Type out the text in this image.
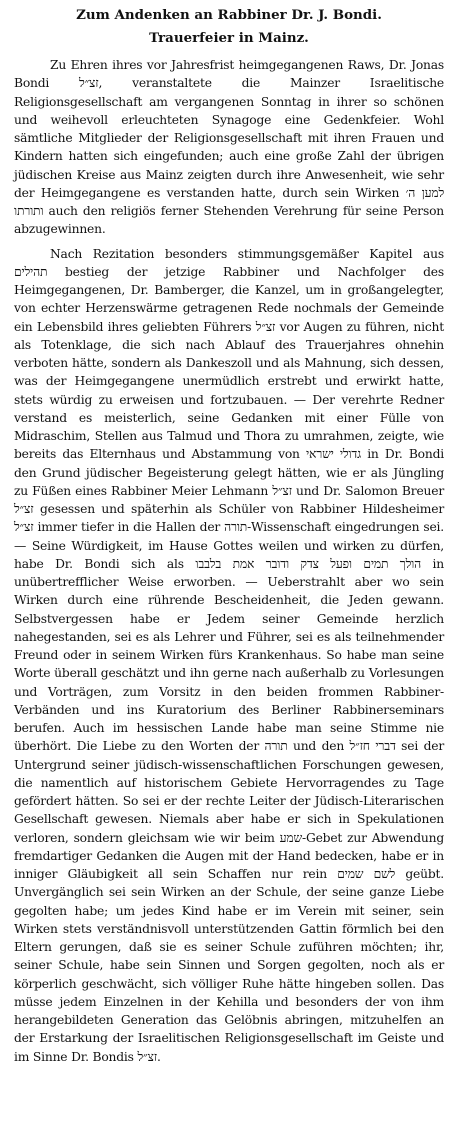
Zum Andenken an Rabbiner Dr. J. Bondi.
Trauerfeier in Mainz.

Zu Ehren ihres vor Jahresfrist heimgegangenen Raws, Dr. Jonas Bondi זצ״ל, veranstaltete die Mainzer Israelitische Religionsgesellschaft am vergangenen Sonntag in ihrer so schönen und weihevoll erleuchteten Synagoge eine Gedenkfeier. Wohl sämtliche Mitglieder der Religionsgesellschaft mit ihren Frauen und Kindern hatten sich eingefunden; auch eine große Zahl der übrigen jüdischen Kreise aus Mainz zeigten durch ihre Anwesenheit, wie sehr der Heimgegangene es verstanden hatte, durch sein Wirken למען ה׳ ותורתו auch den religiös ferner Stehenden Verehrung für seine Person abzugewinnen.

Nach Rezitation besonders stimmungsgemäßer Kapitel aus תהילים bestieg der jetzige Rabbiner und Nachfolger des Heimgegangenen, Dr. Bamberger, die Kanzel, um in großangelegter, von echter Herzenswärme getragenen Rede nochmals der Gemeinde ein Lebensbild ihres geliebten Führers זצ״ל vor Augen zu führen, nicht als Totenklage, die sich nach Ablauf des Trauerjahres ohnehin verboten hätte, sondern als Dankeszoll und als Mahnung, sich dessen, was der Heimgegangene unermüdlich erstrebt und erwirkt hatte, stets würdig zu erweisen und fortzubauen. — Der verehrte Redner verstand es meisterlich, seine Gedanken mit einer Fülle von Midraschim, Stellen aus Talmud und Thora zu umrahmen, zeigte, wie bereits das Elternhaus und Abstammung von גדולי ישראי in Dr. Bondi den Grund jüdischer Begeisterung gelegt hätten, wie er als Jüngling zu Füßen eines Rabbiner Meier Lehmann זצ״ל und Dr. Salomon Breuer זצ״ל gesessen und späterhin als Schüler von Rabbiner Hildesheimer זצ״ל immer tiefer in die Hallen der תורה-Wissenschaft eingedrungen sei. — Seine Würdigkeit, im Hause Gottes weilen und wirken zu dürfen, habe Dr. Bondi sich als הולך תמים ופעל צדק ודובר אמת בלבבו in unübertrefflicher Weise erworben. — Ueberstrahlt aber wo sein Wirken durch eine rührende Bescheidenheit, die Jeden gewann. Selbstvergessen habe er Jedem seiner Gemeinde herzlich nahegestanden, sei es als Lehrer und Führer, sei es als teilnehmender Freund oder in seinem Wirken fürs Krankenhaus. So habe man seine Worte überall geschätzt und ihn gerne nach außerhalb zu Vorlesungen und Vorträgen, zum Vorsitz in den beiden frommen Rabbiner-Verbänden und ins Kuratorium des Berliner Rabbinerseminars berufen. Auch im hessischen Lande habe man seine Stimme nie überhört. Die Liebe zu den Worten der תורה und den דברי חז״ל sei der Untergrund seiner jüdisch-wissenschaftlichen Forschungen gewesen, die namentlich auf historischem Gebiete Hervorragendes zu Tage gefördert hätten. So sei er der rechte Leiter der Jüdisch-Literarischen Gesellschaft gewesen. Niemals aber habe er sich in Spekulationen verloren, sondern gleichsam wie wir beim שמע-Gebet zur Abwendung fremdartiger Gedanken die Augen mit der Hand bedecken, habe er in inniger Gläubigkeit all sein Schaffen nur rein לשם שמים geübt. Unvergänglich sei sein Wirken an der Schule, der seine ganze Liebe gegolten habe; um jedes Kind habe er im Verein mit seiner, sein Wirken stets verständnisvoll unterstützenden Gattin förmlich bei den Eltern gerungen, daß sie es seiner Schule zuführen möchten; ihr, seiner Schule, habe sein Sinnen und Sorgen gegolten, noch als er körperlich geschwächt, sich völliger Ruhe hätte hingeben sollen. Das müsse jedem Einzelnen in der Kehilla und besonders der von ihm herangebildeten Generation das Gelöbnis abringen, mitzuhelfen an der Erstarkung der Israelitischen Religionsgesellschaft im Geiste und im Sinne Dr. Bondis זצ״ל.
